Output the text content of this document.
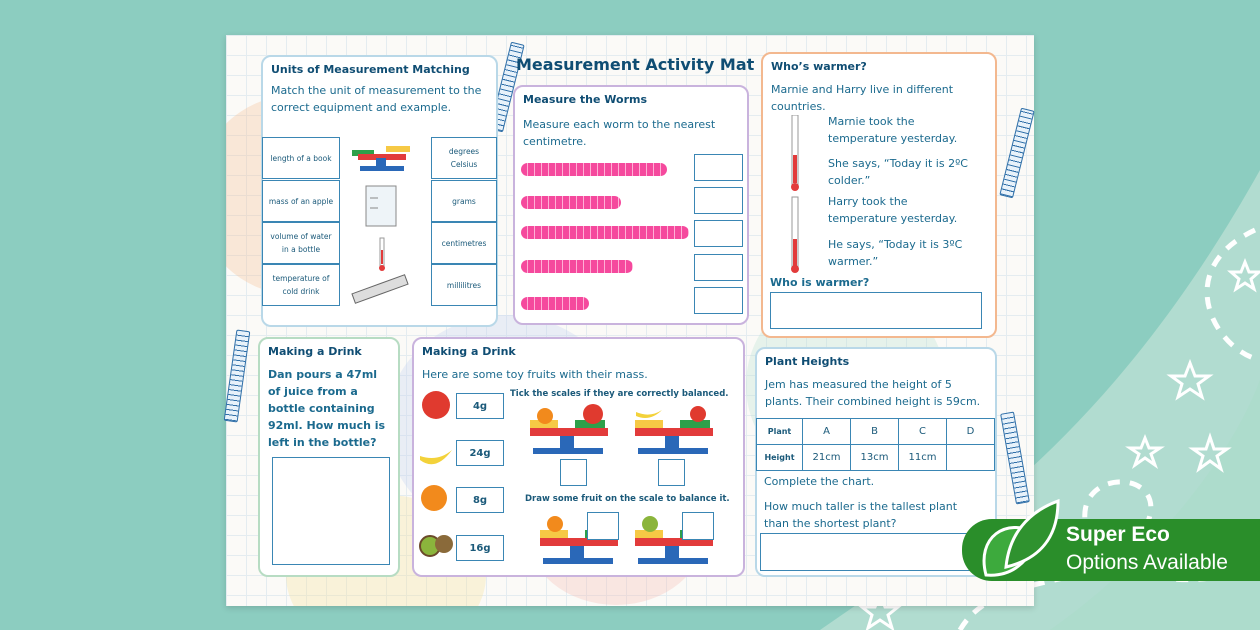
Measurement Activity Mat
Units of Measurement Matching
Match the unit of measurement to the correct equipment and example.
length of a book
mass of an apple
volume of water in a bottle
temperature of cold drink
degrees Celsius
grams
centimetres
millilitres
Measure the Worms
Measure each worm to the nearest centimetre.
Who’s warmer?
Marnie and Harry live in different countries.
Marnie took the temperature yesterday.
She says, “Today it is 2ºC colder.”
Harry took the temperature yesterday.
He says, “Today it is 3ºC warmer.”
Who is warmer?
Making a Drink
Dan pours a 47ml of juice from a bottle containing 92ml. How much is left in the bottle?
Making a Drink
Here are some toy fruits with their mass.
4g
24g
8g
16g
Tick the scales if they are correctly balanced.
Draw some fruit on the scale to balance it.
Plant Heights
Jem has measured the height of 5 plants. Their combined height is 59cm.
Plant	A	B	C	D
Height	21cm	13cm	11cm	
Complete the chart.
How much taller is the tallest plant than the shortest plant?	Super Eco
Options Available
